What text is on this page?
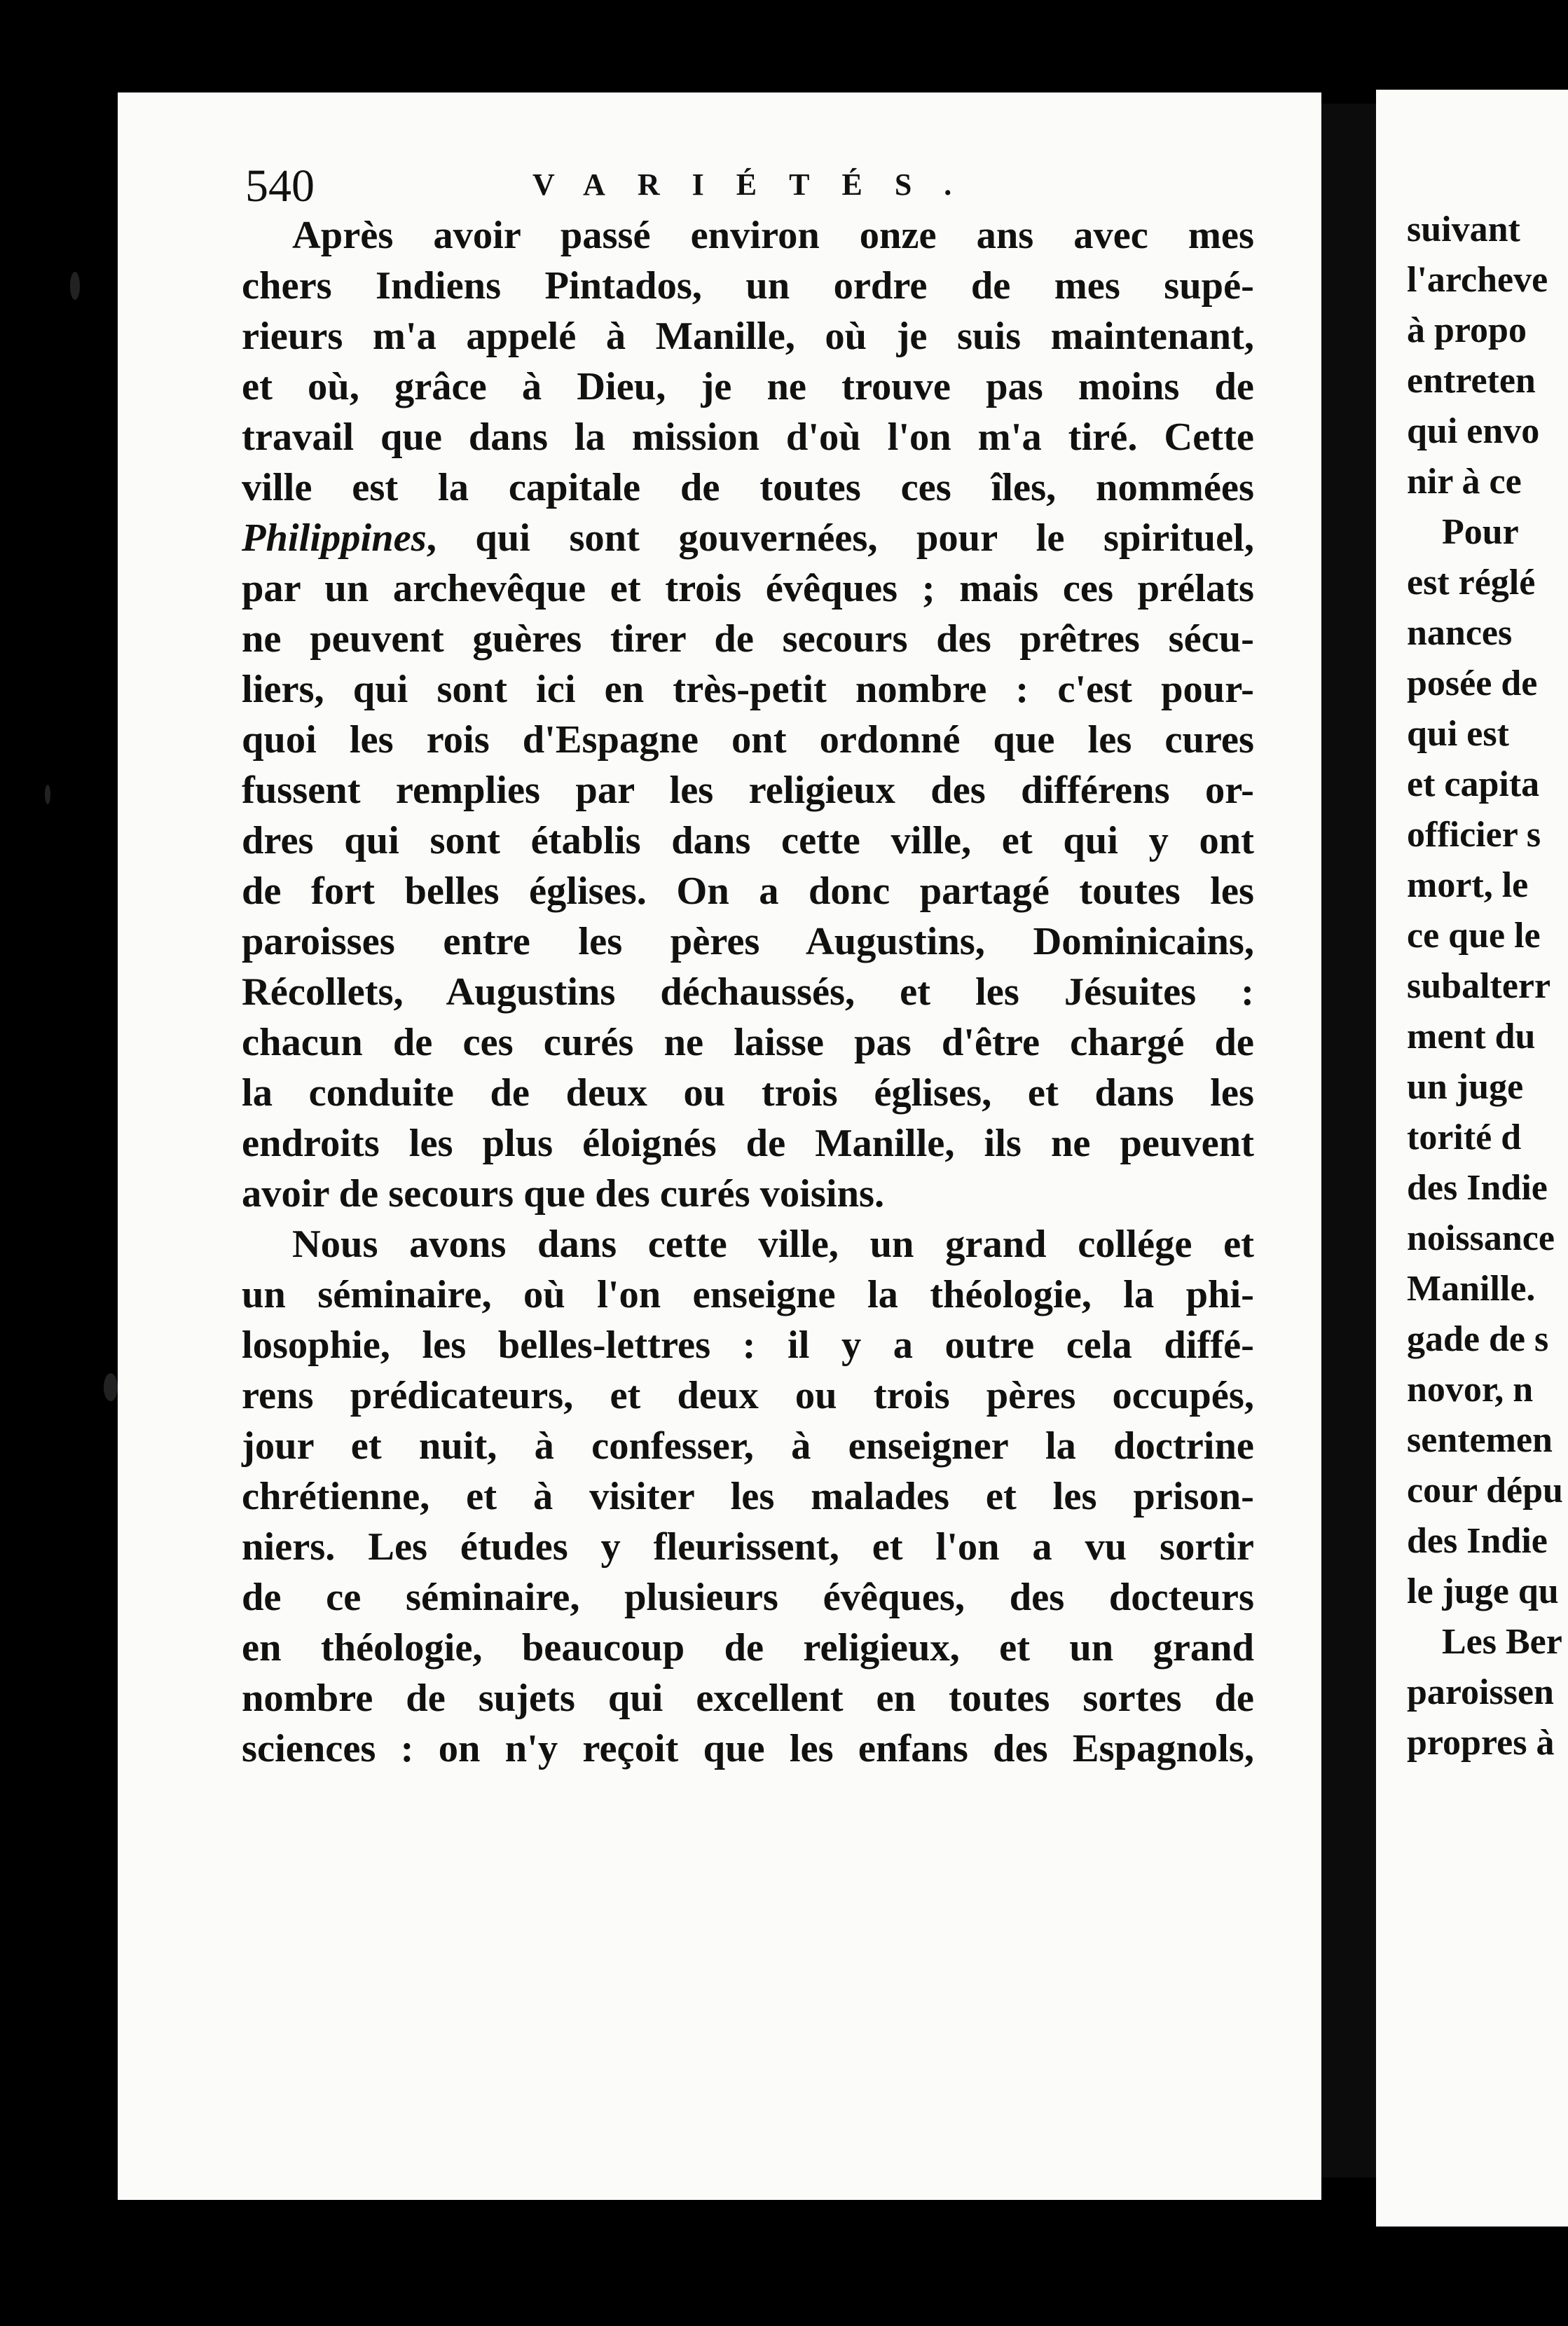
suivant
l'archeve
à propo
entreten
qui envo
nir à ce
Pour
est réglé
nances
posée de
qui est
et capita
officier s
mort, le
ce que le
subalterr
ment du
un juge
torité d
des Indie
noissance
Manille.
gade de s
novor, n
sentemen
cour dépu
des Indie
le juge qu
Les Ber
paroissen
propres à
540	VARIÉTÉS.
Après avoir passé environ onze ans avec mes
chers Indiens Pintados, un ordre de mes supé-
rieurs m'a appelé à Manille, où je suis maintenant,
et où, grâce à Dieu, je ne trouve pas moins de
travail que dans la mission d'où l'on m'a tiré. Cette
ville est la capitale de toutes ces îles, nommées
Philippines, qui sont gouvernées, pour le spirituel,
par un archevêque et trois évêques ; mais ces prélats
ne peuvent guères tirer de secours des prêtres sécu-
liers, qui sont ici en très-petit nombre : c'est pour-
quoi les rois d'Espagne ont ordonné que les cures
fussent remplies par les religieux des différens or-
dres qui sont établis dans cette ville, et qui y ont
de fort belles églises. On a donc partagé toutes les
paroisses entre les pères Augustins, Dominicains,
Récollets, Augustins déchaussés, et les Jésuites :
chacun de ces curés ne laisse pas d'être chargé de
la conduite de deux ou trois églises, et dans les
endroits les plus éloignés de Manille, ils ne peuvent
avoir de secours que des curés voisins.
Nous avons dans cette ville, un grand collége et
un séminaire, où l'on enseigne la théologie, la phi-
losophie, les belles-lettres : il y a outre cela diffé-
rens prédicateurs, et deux ou trois pères occupés,
jour et nuit, à confesser, à enseigner la doctrine
chrétienne, et à visiter les malades et les prison-
niers. Les études y fleurissent, et l'on a vu sortir
de ce séminaire, plusieurs évêques, des docteurs
en théologie, beaucoup de religieux, et un grand
nombre de sujets qui excellent en toutes sortes de
sciences : on n'y reçoit que les enfans des Espagnols,
